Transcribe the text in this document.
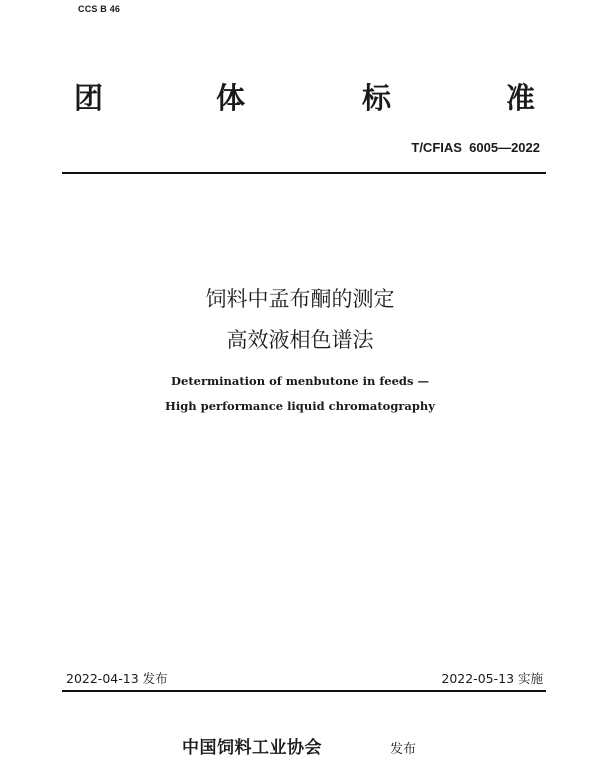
CCS B 46
团	体	标	准
T/CFIAS  6005—2022
饲料中孟布酮的测定
高效液相色谱法
Determination of menbutone in feeds —
High performance liquid chromatography
2022-04-13 发布	2022-05-13 实施
中国饲料工业协会	发布
